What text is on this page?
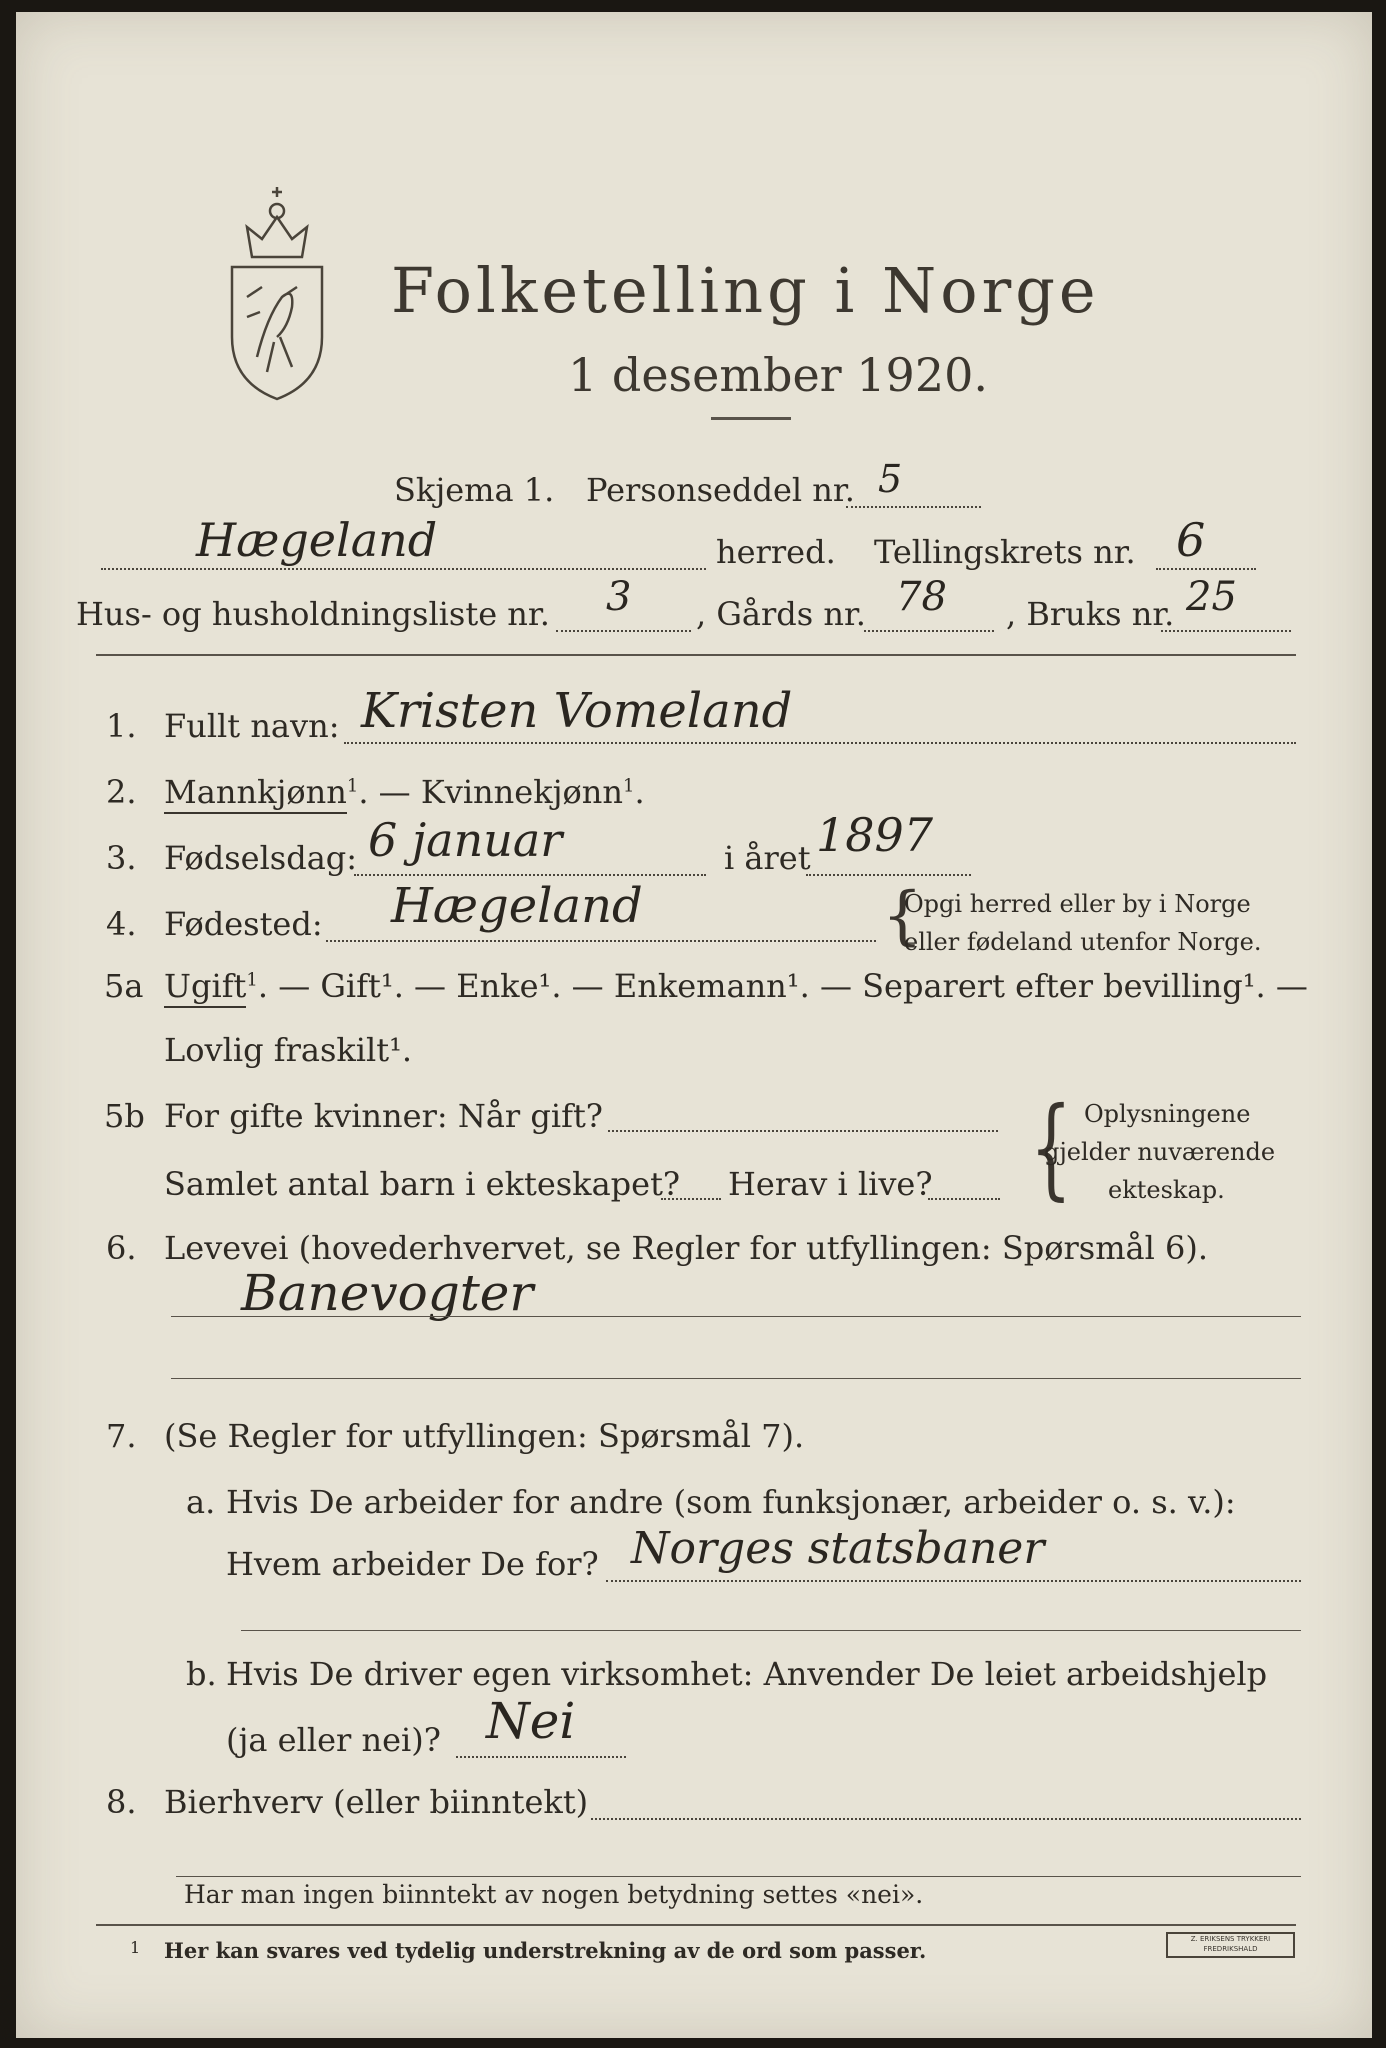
Folketelling i Norge
1 desember 1920.
Skjema 1. Personseddel nr. 5
Hægeland	herred. Tellingskrets nr. 6
Hus- og husholdningsliste nr. 3 , Gårds nr. 78 , Bruks nr. 25
1. Fullt navn: Kristen Vomeland
2. Mannkjønn$^1$. — Kvinnekjønn$^1$.
3. Fødselsdag: 6 januar	i året 1897
4. Fødested: Hægeland	{
Opgi herred eller by i Norge
eller fødeland utenfor Norge.
5a Ugift$^1$. — Gift¹. — Enke¹. — Enkemann¹. — Separert efter bevilling¹. —
Lovlig fraskilt¹.
5b For gifte kvinner: Når gift?
Samlet antal barn i ekteskapet? Herav i live? { Oplysningene
gjelder nuværende
ekteskap.
6. Levevei (hovederhvervet, se Regler for utfyllingen: Spørsmål 6).
Banevogter
7. (Se Regler for utfyllingen: Spørsmål 7).
a. Hvis De arbeider for andre (som funksjonær, arbeider o. s. v.):
Hvem arbeider De for? Norges statsbaner
b. Hvis De driver egen virksomhet: Anvender De leiet arbeidshjelp
(ja eller nei)? Nei
8. Bierhverv (eller biinntekt)
Har man ingen biinntekt av nogen betydning settes «nei».
1 Her kan svares ved tydelig understrekning av de ord som passer.	Z. ERIKSENS TRYKKERI FREDRIKSHALD
